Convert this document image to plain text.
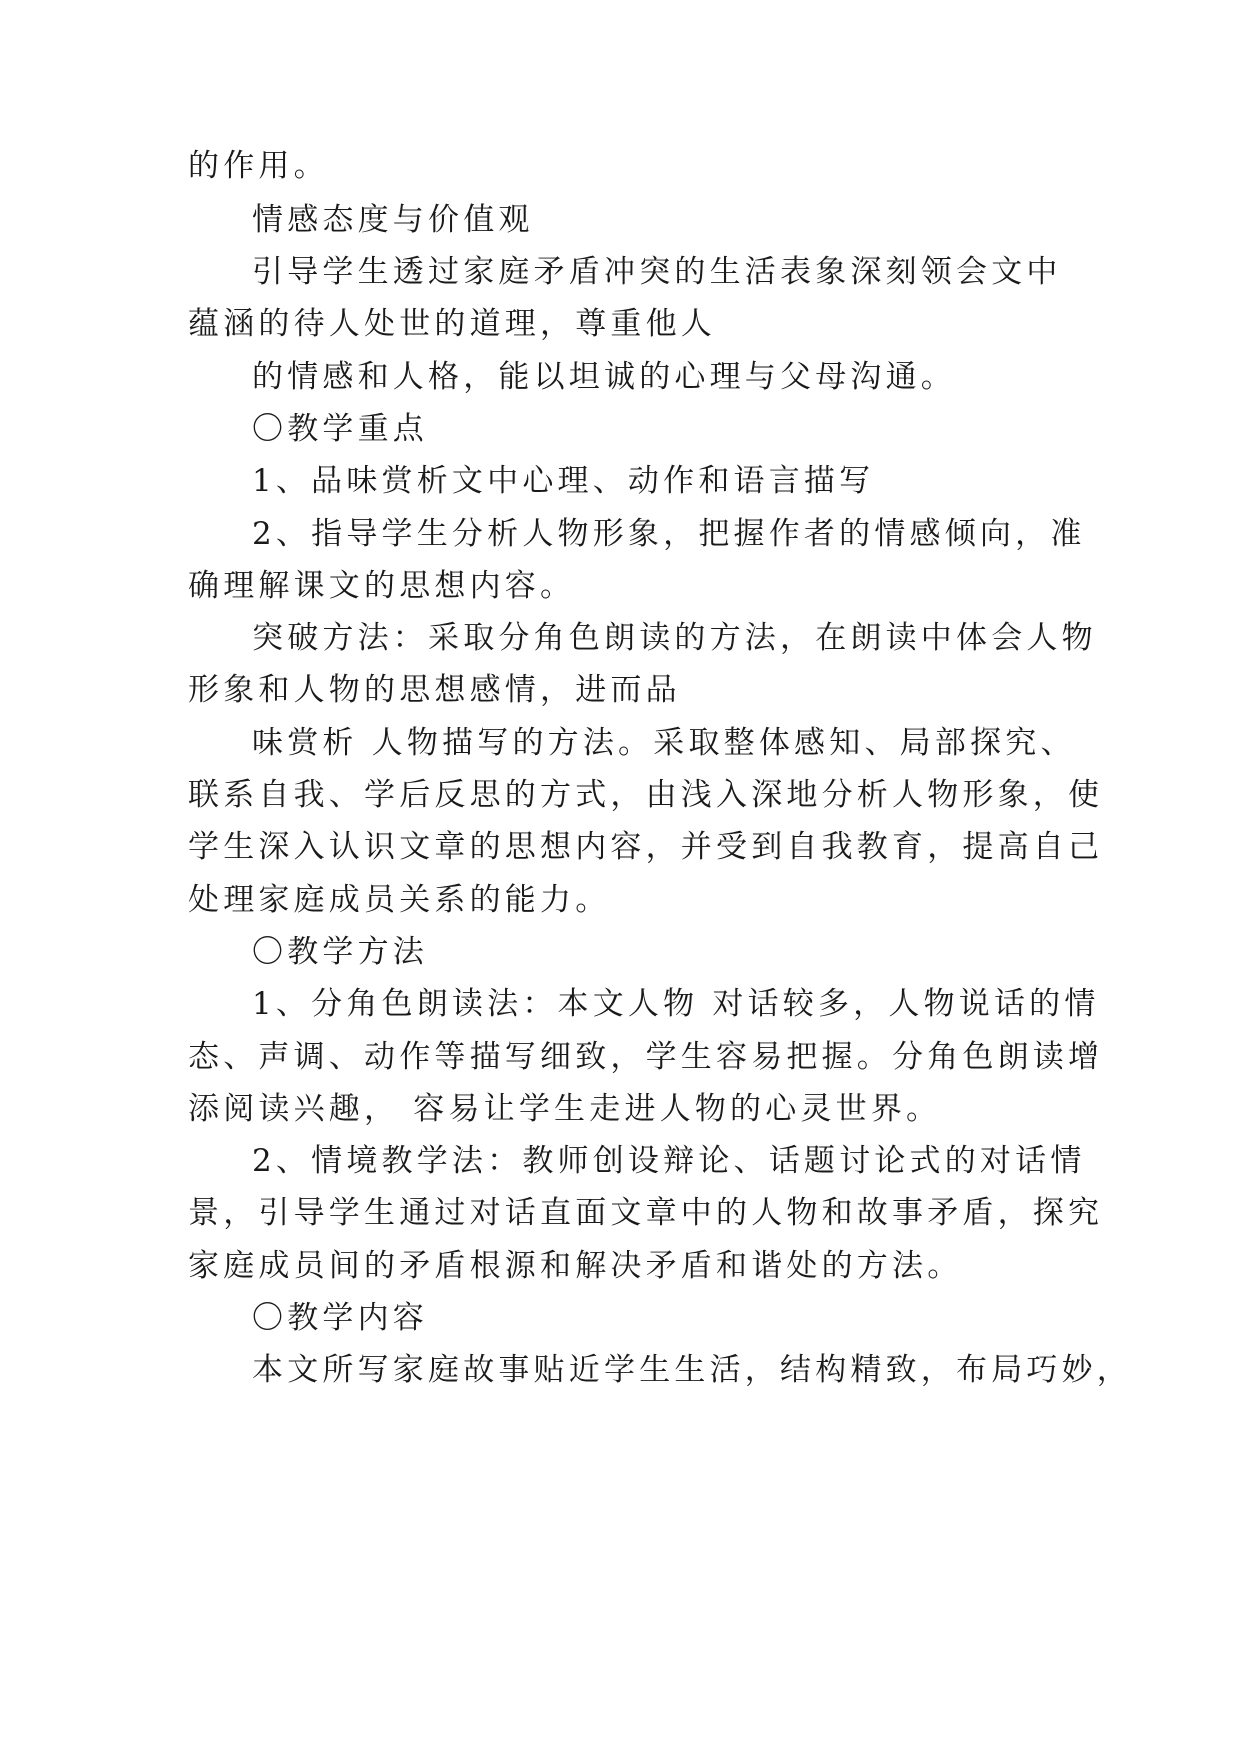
的作用。

情感态度与价值观

引导学生透过家庭矛盾冲突的生活表象深刻领会文中

蕴涵的待人处世的道理，尊重他人

的情感和人格，能以坦诚的心理与父母沟通。

〇教学重点

1、品味赏析文中心理、动作和语言描写

2、指导学生分析人物形象，把握作者的情感倾向，准

确理解课文的思想内容。

突破方法：采取分角色朗读的方法，在朗读中体会人物

形象和人物的思想感情，进而品

味赏析 人物描写的方法。采取整体感知、局部探究、

联系自我、学后反思的方式，由浅入深地分析人物形象，使

学生深入认识文章的思想内容，并受到自我教育，提高自己

处理家庭成员关系的能力。

〇教学方法

1、分角色朗读法：本文人物 对话较多，人物说话的情

态、声调、动作等描写细致，学生容易把握。分角色朗读增

添阅读兴趣， 容易让学生走进人物的心灵世界。

2、情境教学法：教师创设辩论、话题讨论式的对话情

景，引导学生通过对话直面文章中的人物和故事矛盾，探究

家庭成员间的矛盾根源和解决矛盾和谐处的方法。

〇教学内容

本文所写家庭故事贴近学生生活，结构精致，布局巧妙，
